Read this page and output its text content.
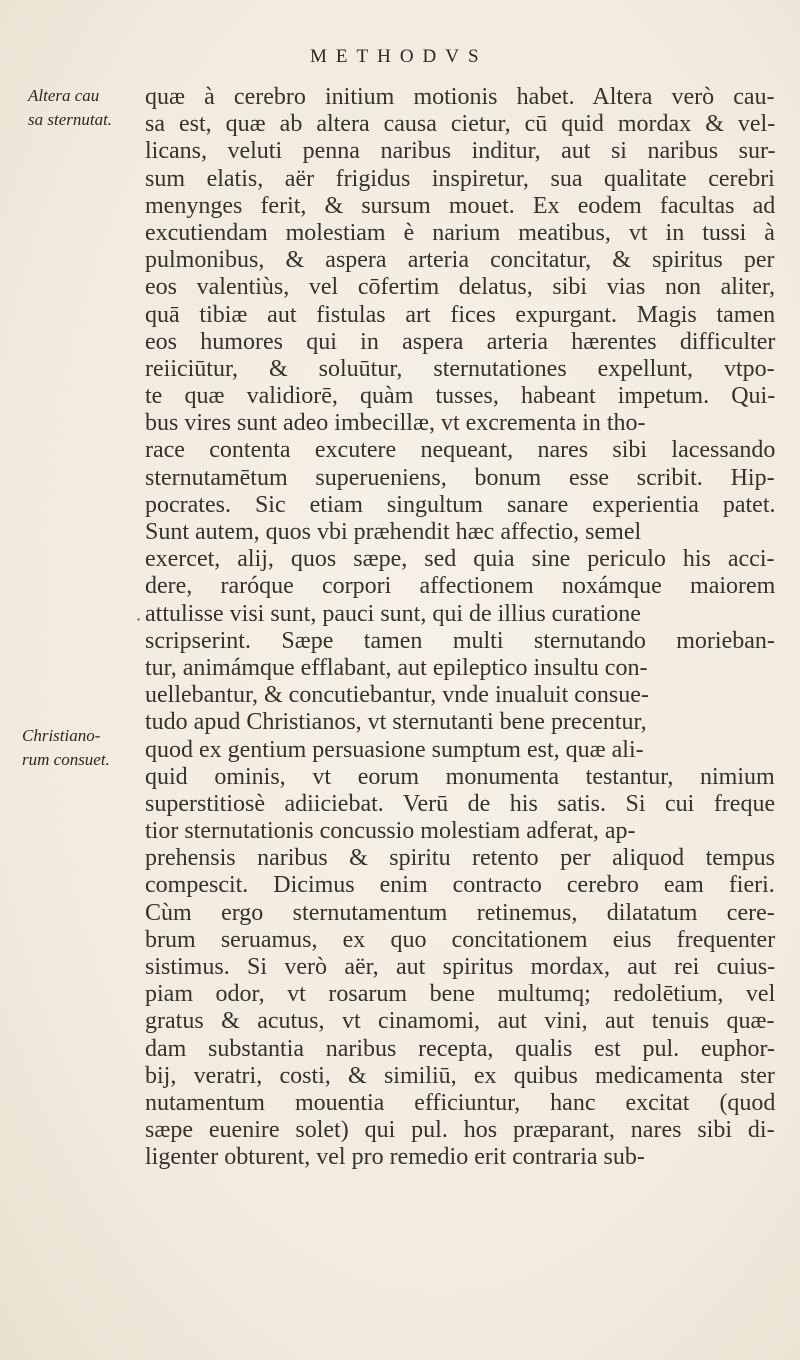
METHODVS
Altera cau
sa sternutat.
Christiano-
rum consuet.
·
quæ à cerebro initium motionis habet. Altera verò cau-
sa est, quæ ab altera causa cietur, cū quid mordax & vel-
licans, veluti penna naribus inditur, aut si naribus sur-
sum elatis, aër frigidus inspiretur, sua qualitate cerebri
menynges ferit, & sursum mouet. Ex eodem facultas ad
excutiendam molestiam è narium meatibus, vt in tussi à
pulmonibus, & aspera arteria concitatur, & spiritus per
eos valentiùs, vel cōfertim delatus, sibi vias non aliter,
quā tibiæ aut fistulas art fices expurgant. Magis tamen
eos humores qui in aspera arteria hærentes difficulter
reiiciūtur, & soluūtur, sternutationes expellunt, vtpo-
te quæ validiorē, quàm tusses, habeant impetum. Qui-
bus vires sunt adeo imbecillæ, vt excrementa in tho-
race contenta excutere nequeant, nares sibi lacessando
sternutamētum superueniens, bonum esse scribit. Hip-
pocrates. Sic etiam singultum sanare experientia patet.
Sunt autem, quos vbi præhendit hæc affectio, semel
exercet, alij, quos sæpe, sed quia sine periculo his acci-
dere, raróque corpori affectionem noxámque maiorem
attulisse visi sunt, pauci sunt, qui de illius curatione
scripserint. Sæpe tamen multi sternutando morieban-
tur, animámque efflabant, aut epileptico insultu con-
uellebantur, & concutiebantur, vnde inualuit consue-
tudo apud Christianos, vt sternutanti bene precentur,
quod ex gentium persuasione sumptum est, quæ ali-
quid ominis, vt eorum monumenta testantur, nimium
superstitiosè adiiciebat. Verū de his satis. Si cui freque
tior sternutationis concussio molestiam adferat, ap-
prehensis naribus & spiritu retento per aliquod tempus
compescit. Dicimus enim contracto cerebro eam fieri.
Cùm ergo sternutamentum retinemus, dilatatum cere-
brum seruamus, ex quo concitationem eius frequenter
sistimus. Si verò aër, aut spiritus mordax, aut rei cuius-
piam odor, vt rosarum bene multumq; redolētium, vel
gratus & acutus, vt cinamomi, aut vini, aut tenuis quæ-
dam substantia naribus recepta, qualis est pul. euphor-
bij, veratri, costi, & similiū, ex quibus medicamenta ster
nutamentum mouentia efficiuntur, hanc excitat (quod
sæpe euenire solet) qui pul. hos præparant, nares sibi di-
ligenter obturent, vel pro remedio erit contraria sub-
